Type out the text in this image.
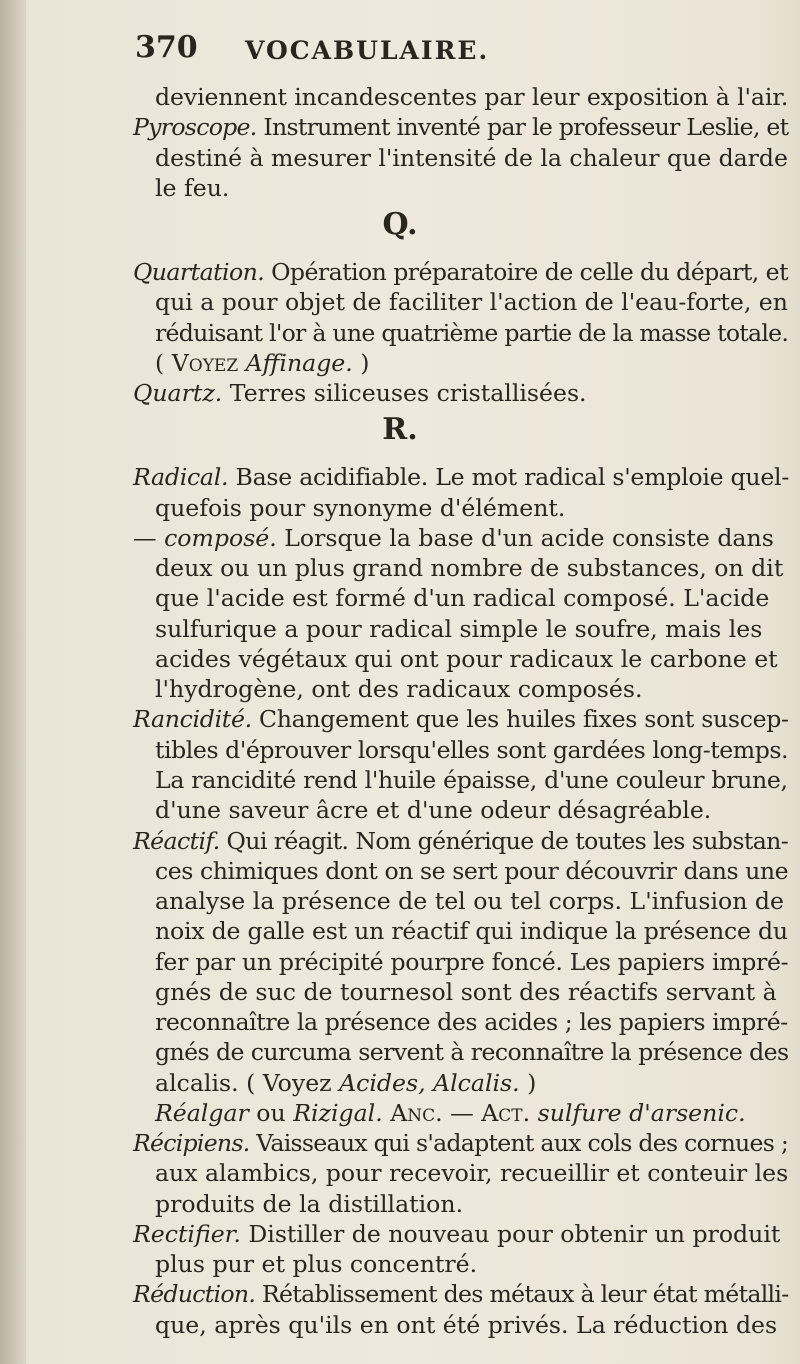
370 VOCABULAIRE.
deviennent incandescentes par leur exposition à l'air.
Pyroscope. Instrument inventé par le professeur Leslie, et
destiné à mesurer l'intensité de la chaleur que darde
le feu.
Q.
Quartation. Opération préparatoire de celle du départ, et
qui a pour objet de faciliter l'action de l'eau-forte, en
réduisant l'or à une quatrième partie de la masse totale.
( Voyez Affinage. )
Quartz. Terres siliceuses cristallisées.
R.
Radical. Base acidifiable. Le mot radical s'emploie quel-
quefois pour synonyme d'élément.
— composé. Lorsque la base d'un acide consiste dans
deux ou un plus grand nombre de substances, on dit
que l'acide est formé d'un radical composé. L'acide
sulfurique a pour radical simple le soufre, mais les
acides végétaux qui ont pour radicaux le carbone et
l'hydrogène, ont des radicaux composés.
Rancidité. Changement que les huiles fixes sont suscep-
tibles d'éprouver lorsqu'elles sont gardées long-temps.
La rancidité rend l'huile épaisse, d'une couleur brune,
d'une saveur âcre et d'une odeur désagréable.
Réactif. Qui réagit. Nom générique de toutes les substan-
ces chimiques dont on se sert pour découvrir dans une
analyse la présence de tel ou tel corps. L'infusion de
noix de galle est un réactif qui indique la présence du
fer par un précipité pourpre foncé. Les papiers impré-
gnés de suc de tournesol sont des réactifs servant à
reconnaître la présence des acides ; les papiers impré-
gnés de curcuma servent à reconnaître la présence des
alcalis. ( Voyez Acides, Alcalis. )
Réalgar ou Rizigal. Anc. — Act. sulfure d'arsenic.
Récipiens. Vaisseaux qui s'adaptent aux cols des cornues ;
aux alambics, pour recevoir, recueillir et conteuir les
produits de la distillation.
Rectifier. Distiller de nouveau pour obtenir un produit
plus pur et plus concentré.
Réduction. Rétablissement des métaux à leur état métalli-
que, après qu'ils en ont été privés. La réduction des
